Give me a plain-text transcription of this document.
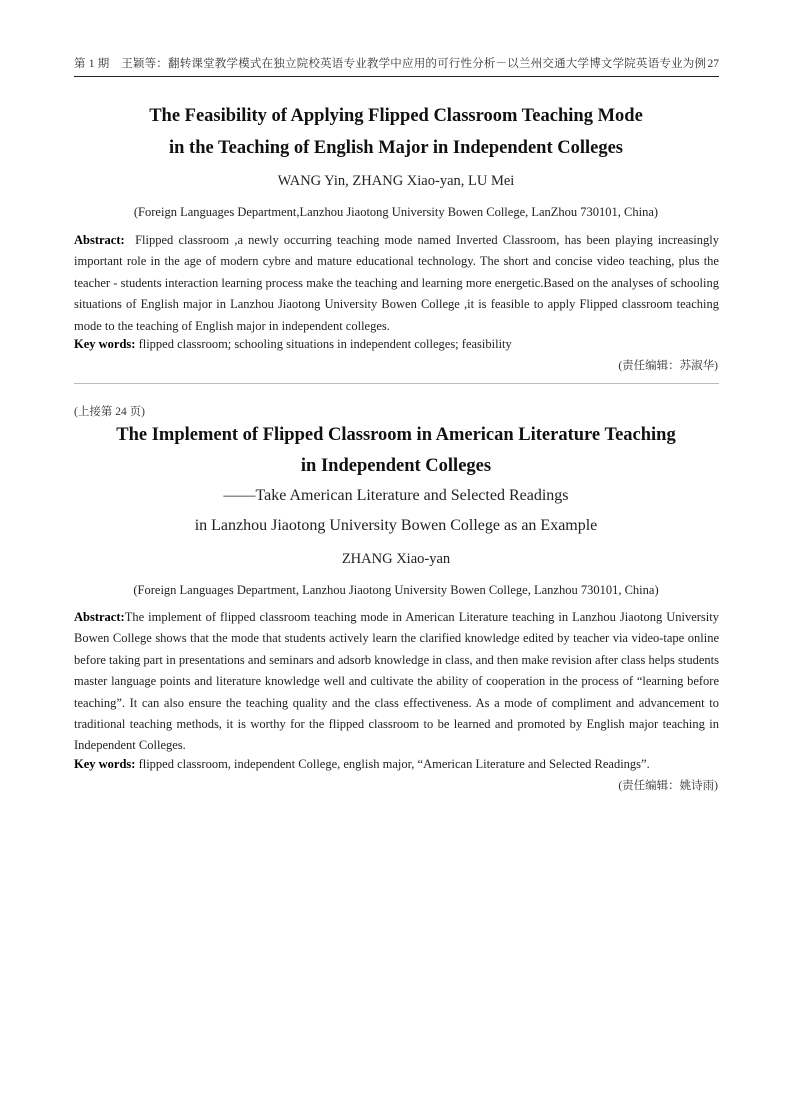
第 1 期　王颖等：翻转课堂教学模式在独立院校英语专业教学中应用的可行性分析－以兰州交通大学博文学院英语专业为例 27
The Feasibility of Applying Flipped Classroom Teaching Mode
in the Teaching of English Major in Independent Colleges
WANG Yin, ZHANG Xiao-yan, LU Mei
(Foreign Languages Department,Lanzhou Jiaotong University Bowen College, LanZhou 730101, China)

Abstract: Flipped classroom ,a newly occurring teaching mode named Inverted Classroom, has been playing increasingly important role in the age of modern cybre and mature educational technology. The short and concise video teaching, plus the teacher - students interaction learning process make the teaching and learning more energetic.Based on the analyses of schooling situations of English major in Lanzhou Jiaotong University Bowen College ,it is feasible to apply Flipped classroom teaching mode to the teaching of English major in independent colleges.

Key words: flipped classroom; schooling situations in independent colleges; feasibility

(责任编辑：苏淑华)
(上接第 24 页)
The Implement of Flipped Classroom in American Literature Teaching
in Independent Colleges
——Take American Literature and Selected Readings
in Lanzhou Jiaotong University Bowen College as an Example
ZHANG Xiao-yan
(Foreign Languages Department, Lanzhou Jiaotong University Bowen College, Lanzhou 730101, China)

Abstract:The implement of flipped classroom teaching mode in American Literature teaching in Lanzhou Jiaotong University Bowen College shows that the mode that students actively learn the clarified knowledge edited by teacher via video-tape online before taking part in presentations and seminars and adsorb knowledge in class, and then make revision after class helps students master language points and literature knowledge well and cultivate the ability of cooperation in the process of “learning before teaching”. It can also ensure the teaching quality and the class effectiveness. As a mode of compliment and advancement to traditional teaching methods, it is worthy for the flipped classroom to be learned and promoted by English major teaching in Independent Colleges.

Key words: flipped classroom, independent College, english major, “American Literature and Selected Readings”.

(责任编辑：姚诗雨)
